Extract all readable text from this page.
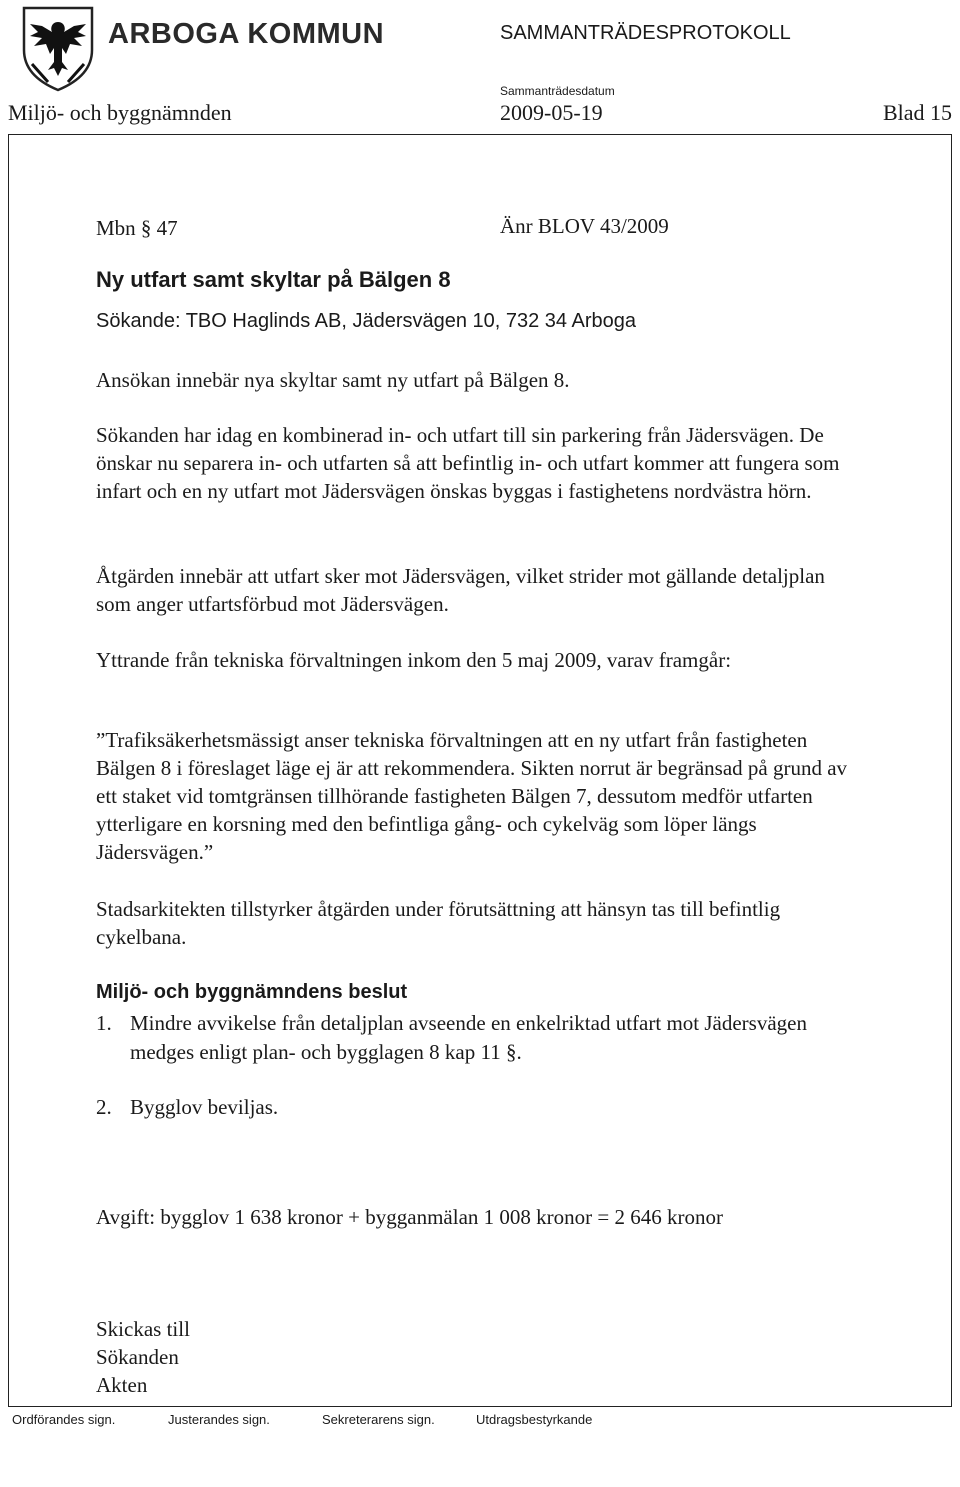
ARBOGA KOMMUN	SAMMANTRÄDESPROTOKOLL
Sammanträdesdatum
Miljö- och byggnämnden	2009-05-19	Blad 15
Mbn § 47	Änr BLOV 43/2009
Ny utfart samt skyltar på Bälgen 8
Sökande: TBO Haglinds AB, Jädersvägen 10, 732 34 Arboga
Ansökan innebär nya skyltar samt ny utfart på Bälgen 8.
Sökanden har idag en kombinerad in- och utfart till sin parkering från Jädersvägen. De önskar nu separera in- och utfarten så att befintlig in- och utfart kommer att fungera som infart och en ny utfart mot Jädersvägen önskas byggas i fastighetens nordvästra hörn.
Åtgärden innebär att utfart sker mot Jädersvägen, vilket strider mot gällande detaljplan som anger utfartsförbud mot Jädersvägen.
Yttrande från tekniska förvaltningen inkom den 5 maj 2009, varav framgår:
”Trafiksäkerhetsmässigt anser tekniska förvaltningen att en ny utfart från fastigheten Bälgen 8 i föreslaget läge ej är att rekommendera. Sikten norrut är begränsad på grund av ett staket vid tomtgränsen tillhörande fastigheten Bälgen 7, dessutom medför utfarten ytterligare en korsning med den befintliga gång- och cykelväg som löper längs Jädersvägen.”
Stadsarkitekten tillstyrker åtgärden under förutsättning att hänsyn tas till befintlig cykelbana.
Miljö- och byggnämndens beslut
1. Mindre avvikelse från detaljplan avseende en enkelriktad utfart mot Jädersvägen medges enligt plan- och bygglagen 8 kap 11 §.
2. Bygglov beviljas.
Avgift: bygglov 1 638 kronor + bygganmälan 1 008 kronor = 2 646 kronor
Skickas till
Sökanden
Akten
Ordförandes sign.	Justerandes sign.	Sekreterarens sign.	Utdragsbestyrkande
